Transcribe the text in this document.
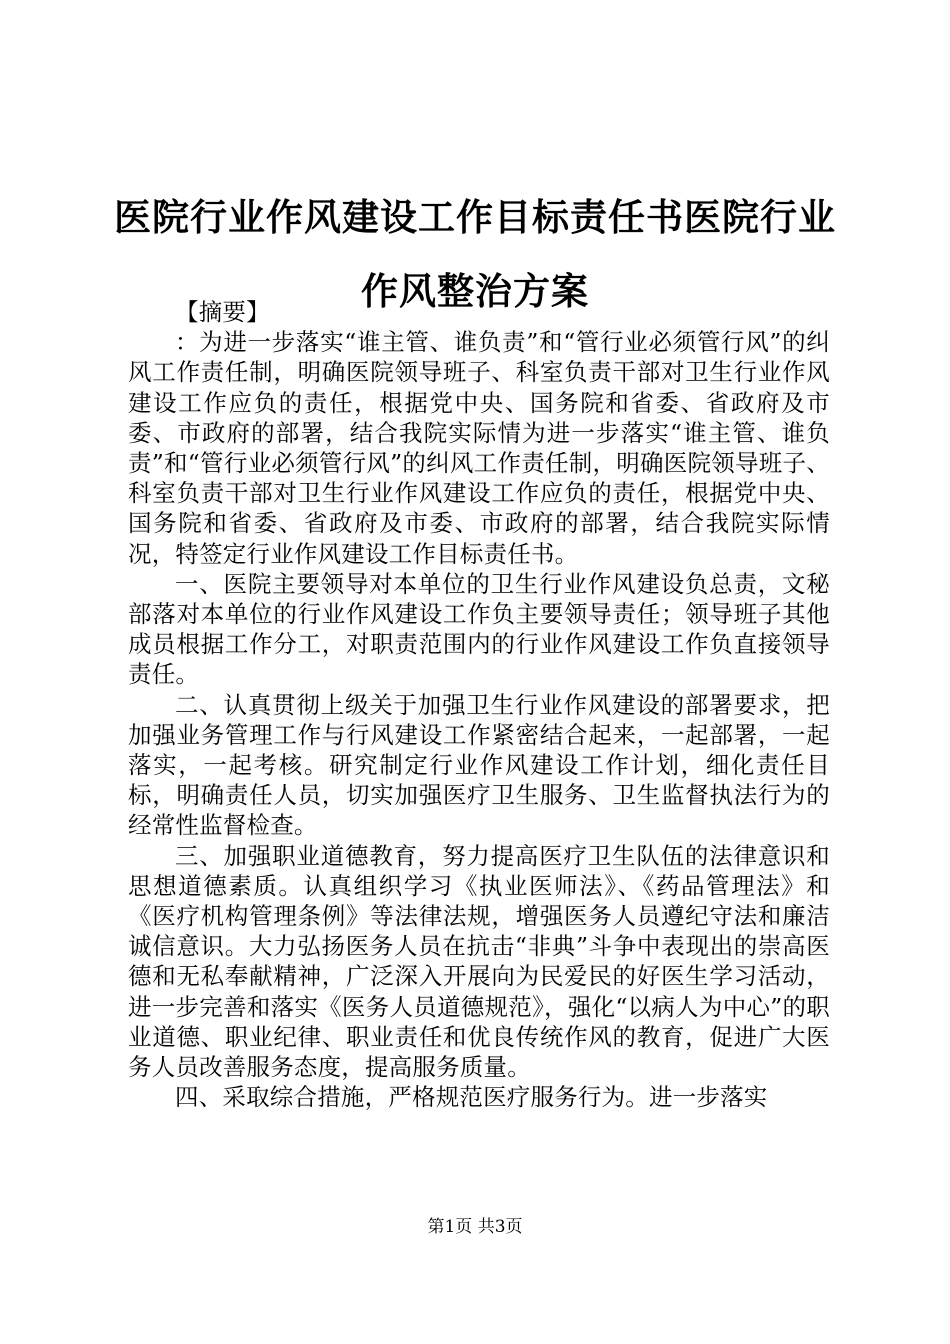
医院行业作风建设工作目标责任书医院行业作风整治方案

【摘要】

：为进一步落实“谁主管、谁负责”和“管行业必须管行风”的纠风工作责任制，明确医院领导班子、科室负责干部对卫生行业作风建设工作应负的责任，根据党中央、国务院和省委、省政府及市委、市政府的部署，结合我院实际情为进一步落实“谁主管、谁负责”和“管行业必须管行风”的纠风工作责任制，明确医院领导班子、科室负责干部对卫生行业作风建设工作应负的责任，根据党中央、国务院和省委、省政府及市委、市政府的部署，结合我院实际情况，特签定行业作风建设工作目标责任书。

一、医院主要领导对本单位的卫生行业作风建设负总责，文秘部落对本单位的行业作风建设工作负主要领导责任；领导班子其他成员根据工作分工，对职责范围内的行业作风建设工作负直接领导责任。

二、认真贯彻上级关于加强卫生行业作风建设的部署要求，把加强业务管理工作与行风建设工作紧密结合起来，一起部署，一起落实，一起考核。研究制定行业作风建设工作计划，细化责任目标，明确责任人员，切实加强医疗卫生服务、卫生监督执法行为的经常性监督检查。

三、加强职业道德教育，努力提高医疗卫生队伍的法律意识和思想道德素质。认真组织学习《执业医师法》、《药品管理法》和《医疗机构管理条例》等法律法规，增强医务人员遵纪守法和廉洁诚信意识。大力弘扬医务人员在抗击“非典”斗争中表现出的崇高医德和无私奉献精神，广泛深入开展向为民爱民的好医生学习活动，进一步完善和落实《医务人员道德规范》，强化“以病人为中心”的职业道德、职业纪律、职业责任和优良传统作风的教育，促进广大医务人员改善服务态度，提高服务质量。

四、采取综合措施，严格规范医疗服务行为。进一步落实

第1页 共3页
